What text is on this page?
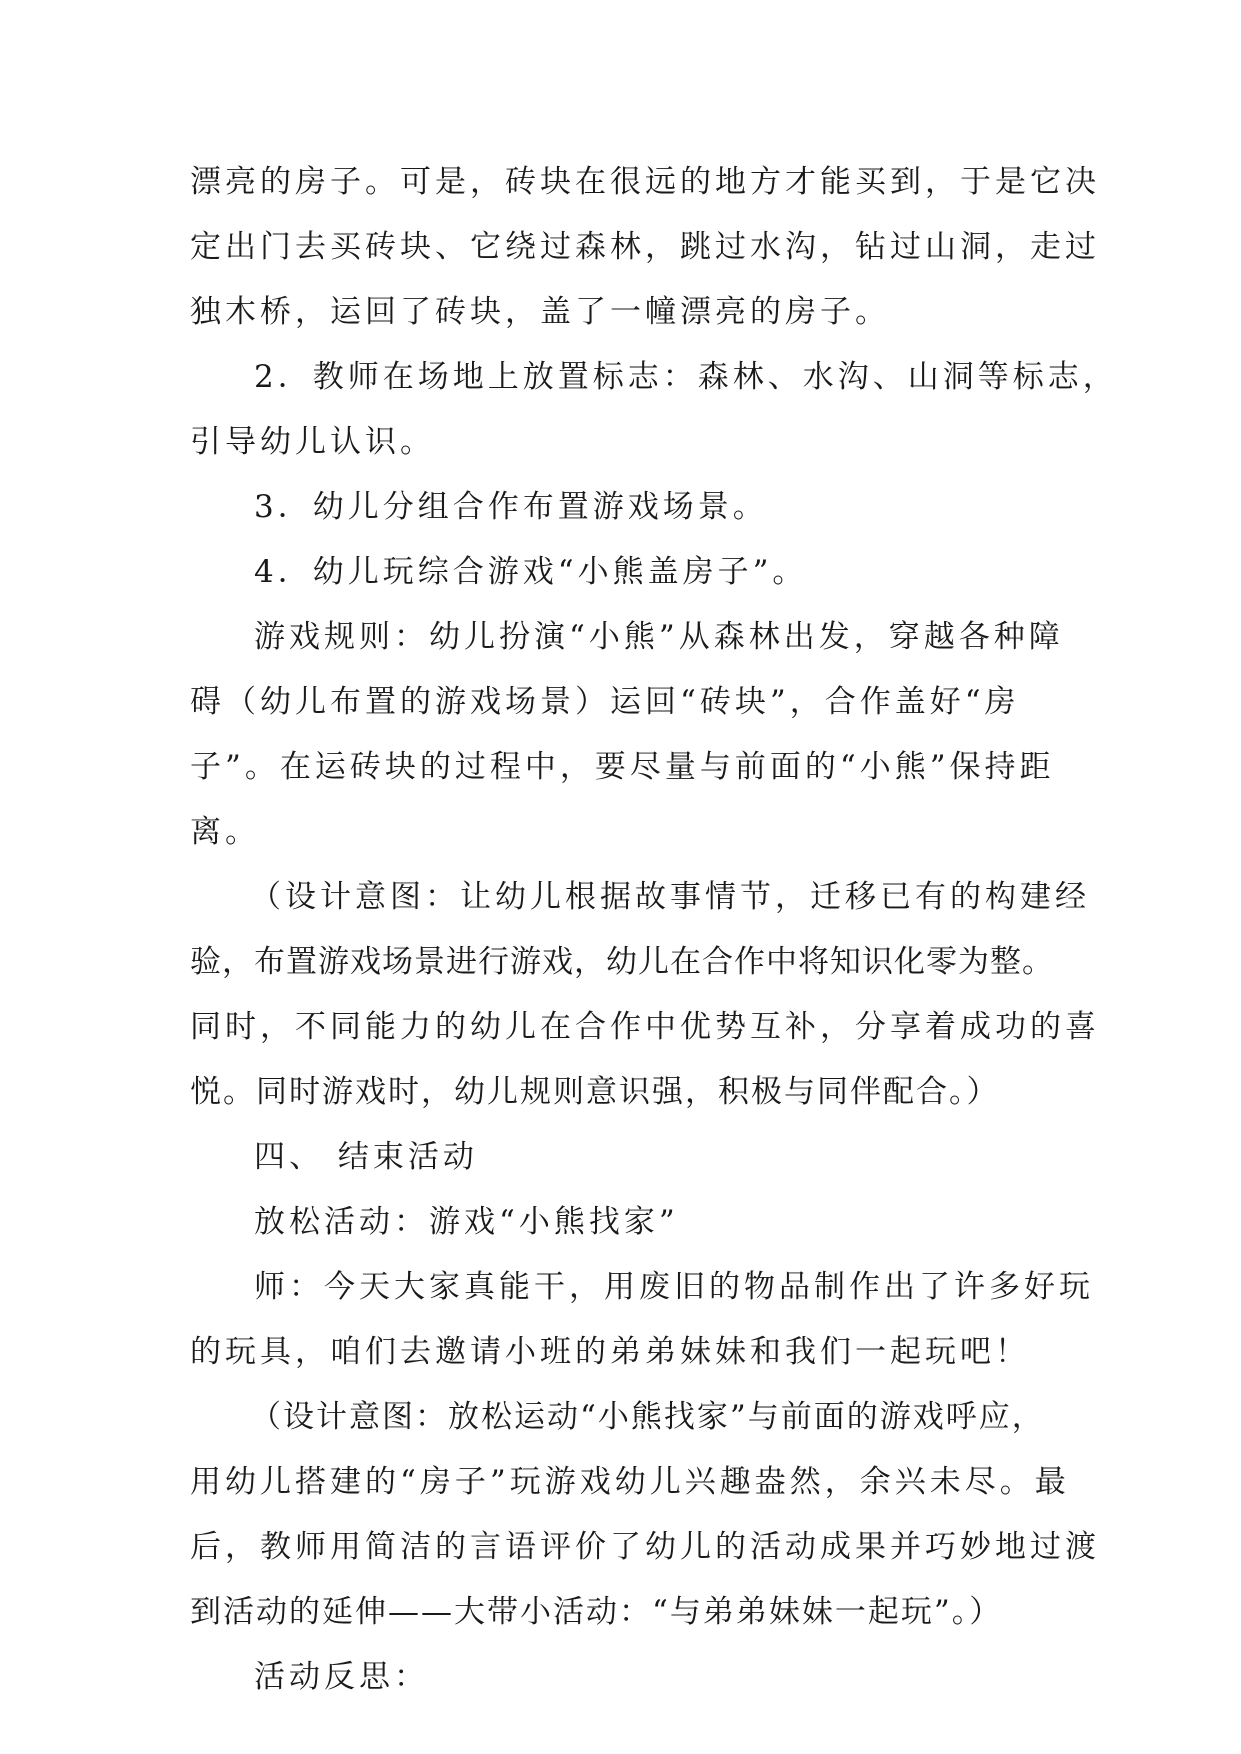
漂亮的房子。可是，砖块在很远的地方才能买到，于是它决
定出门去买砖块、它绕过森林，跳过水沟，钻过山洞，走过
独木桥，运回了砖块，盖了一幢漂亮的房子。
2．教师在场地上放置标志：森林、水沟、山洞等标志，
引导幼儿认识。
3．幼儿分组合作布置游戏场景。
4．幼儿玩综合游戏“小熊盖房子”。
游戏规则：幼儿扮演“小熊”从森林出发，穿越各种障
碍（幼儿布置的游戏场景）运回“砖块”，合作盖好“房
子”。在运砖块的过程中，要尽量与前面的“小熊”保持距
离。
（设计意图：让幼儿根据故事情节，迁移已有的构建经
验，布置游戏场景进行游戏，幼儿在合作中将知识化零为整。
同时，不同能力的幼儿在合作中优势互补，分享着成功的喜
悦。同时游戏时，幼儿规则意识强，积极与同伴配合。）
四、 结束活动
放松活动：游戏“小熊找家”
师：今天大家真能干，用废旧的物品制作出了许多好玩
的玩具，咱们去邀请小班的弟弟妹妹和我们一起玩吧！
（设计意图：放松运动“小熊找家”与前面的游戏呼应，
用幼儿搭建的“房子”玩游戏幼儿兴趣盎然，余兴未尽。最
后，教师用简洁的言语评价了幼儿的活动成果并巧妙地过渡
到活动的延伸——大带小活动：“与弟弟妹妹一起玩”。）
活动反思：
